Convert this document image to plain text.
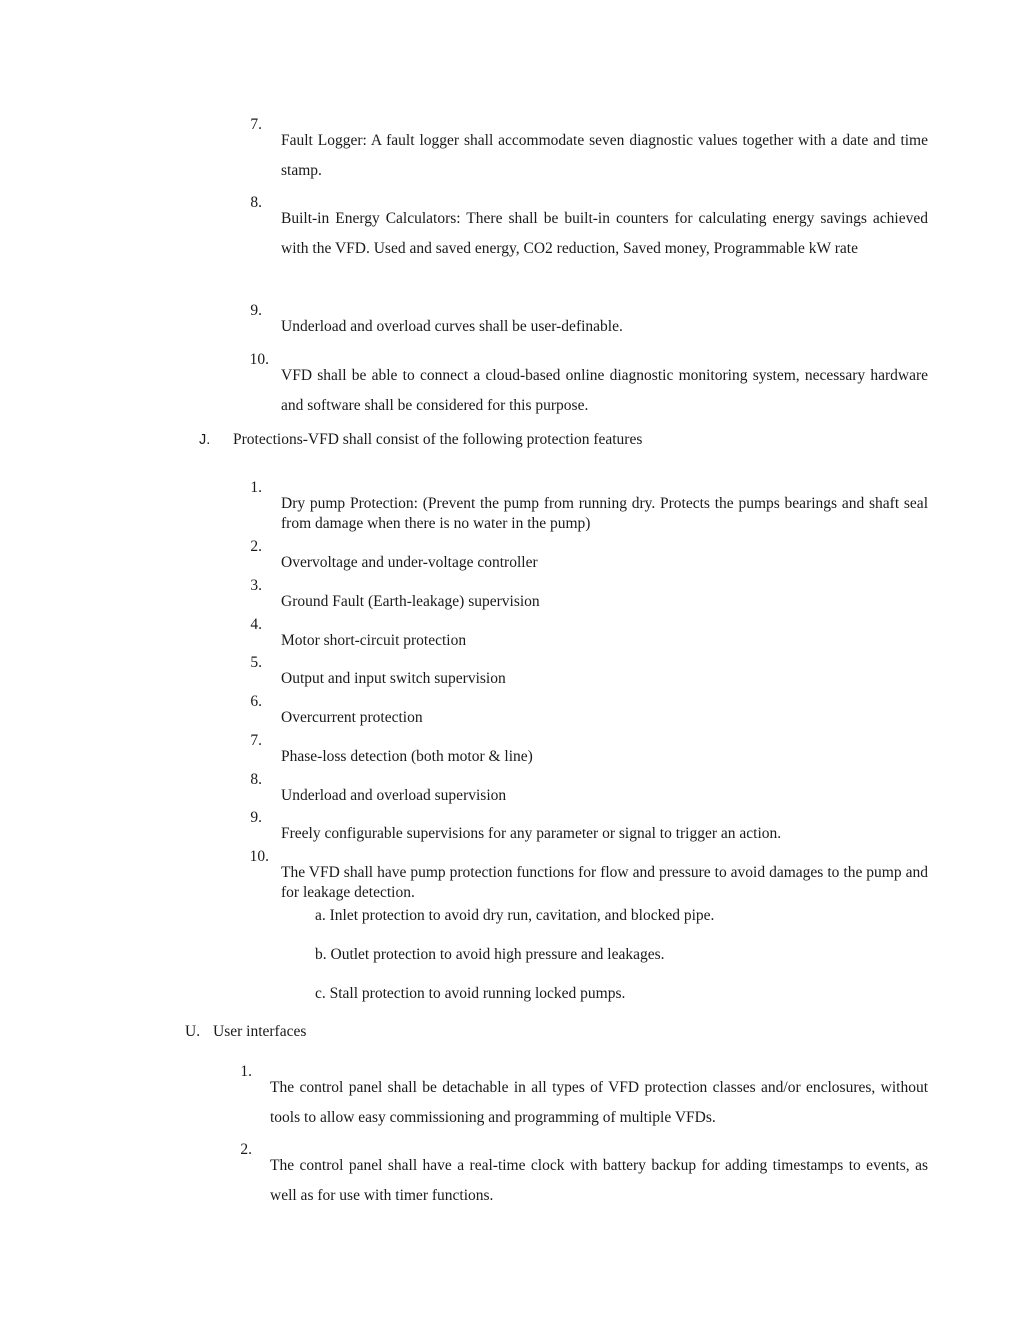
7.

Fault Logger: A fault logger shall accommodate seven diagnostic values together with a date and time stamp.

8.

Built-in Energy Calculators: There shall be built-in counters for calculating energy savings achieved with the VFD. Used and saved energy, CO2 reduction, Saved money, Programmable kW rate

9.

Underload and overload curves shall be user-definable.

10.

VFD shall be able to connect a cloud-based online diagnostic monitoring system, necessary hardware and software shall be considered for this purpose.

J. Protections-VFD shall consist of the following protection features
1.

Dry pump Protection: (Prevent the pump from running dry. Protects the pumps bearings and shaft seal from damage when there is no water in the pump)

2.

Overvoltage and under-voltage controller

3.

Ground Fault (Earth-leakage) supervision

4.

Motor short-circuit protection

5.

Output and input switch supervision

6.

Overcurrent protection

7.

Phase-loss detection (both motor & line)

8.

Underload and overload supervision

9.

Freely configurable supervisions for any parameter or signal to trigger an action.

10.

The VFD shall have pump protection functions for flow and pressure to avoid damages to the pump and for leakage detection.

a. Inlet protection to avoid dry run, cavitation, and blocked pipe.

b. Outlet protection to avoid high pressure and leakages.

c. Stall protection to avoid running locked pumps.

U. User interfaces
1.

The control panel shall be detachable in all types of VFD protection classes and/or enclosures, without tools to allow easy commissioning and programming of multiple VFDs.

2.

The control panel shall have a real-time clock with battery backup for adding timestamps to events, as well as for use with timer functions.
